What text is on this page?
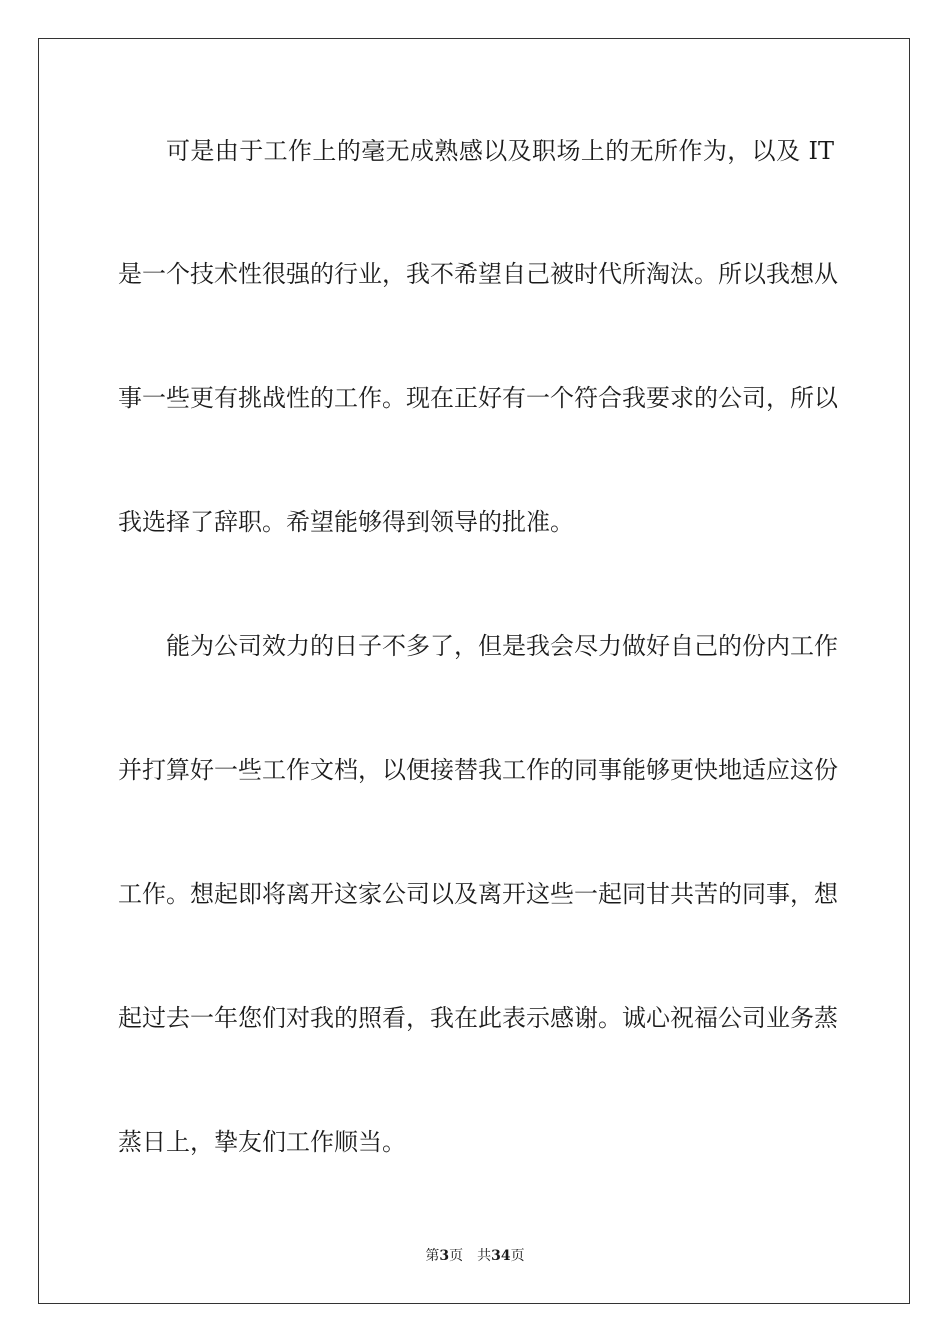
可是由于工作上的毫无成熟感以及职场上的无所作为，以及 IT
是一个技术性很强的行业，我不希望自己被时代所淘汰。所以我想从
事一些更有挑战性的工作。现在正好有一个符合我要求的公司，所以
我选择了辞职。希望能够得到领导的批准。
能为公司效力的日子不多了，但是我会尽力做好自己的份内工作
并打算好一些工作文档，以便接替我工作的同事能够更快地适应这份
工作。想起即将离开这家公司以及离开这些一起同甘共苦的同事，想
起过去一年您们对我的照看，我在此表示感谢。诚心祝福公司业务蒸
蒸日上，挚友们工作顺当。
第3页 共34页
